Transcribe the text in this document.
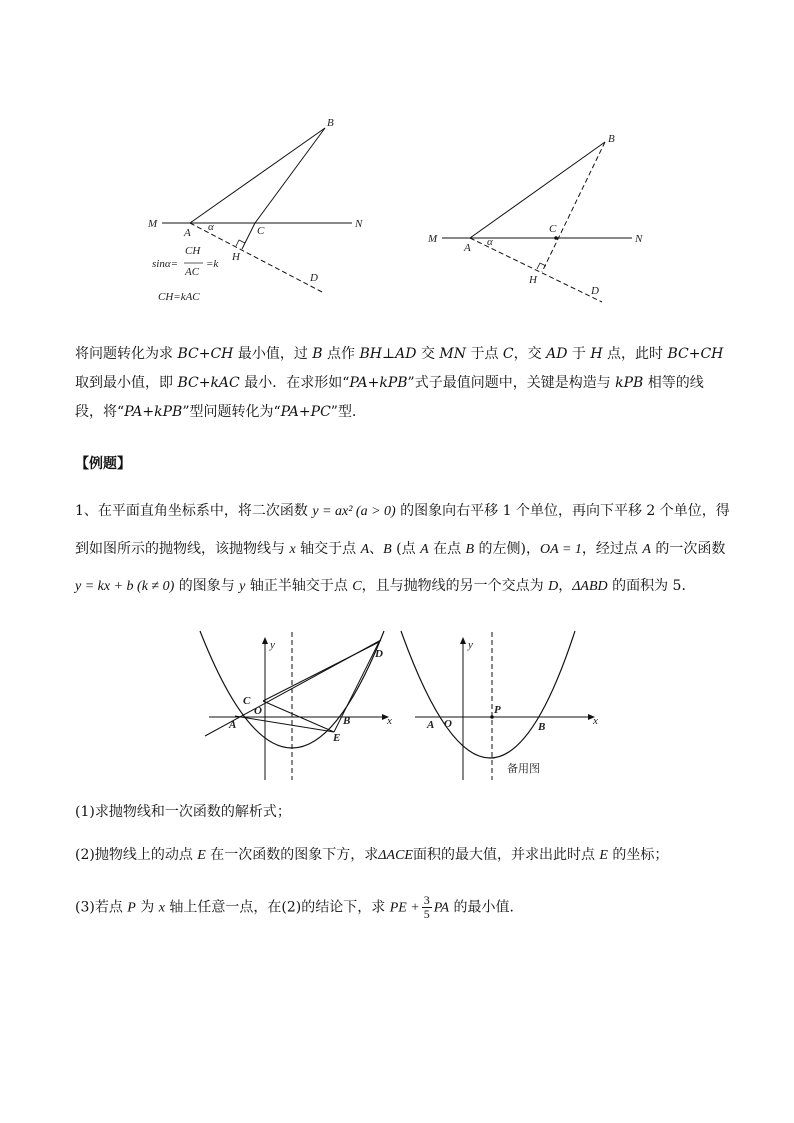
B
M	N
A α	C
H
D
sinα=
CH
AC
=k
CH=kAC
B
M	N
A α
C
H
D

将问题转化为求 BC+CH 最小值，过 B 点作 BH⊥AD 交 MN 于点 C，交 AD 于 H 点，此时 BC+CH 取到最小值，即 BC+kAC 最小．在求形如“PA+kPB”式子最值问题中，关键是构造与 kPB 相等的线段，将“PA+kPB”型问题转化为“PA+PC”型．

【例题】

1、在平面直角坐标系中，将二次函数 y = ax² (a > 0) 的图象向右平移 1 个单位，再向下平移 2 个单位，得

到如图所示的抛物线，该抛物线与 x 轴交于点 A、B (点 A 在点 B 的左侧)，OA = 1，经过点 A 的一次函数

y = kx + b (k ≠ 0) 的图象与 y 轴正半轴交于点 C，且与抛物线的另一个交点为 D，ΔABD 的面积为 5．

y
D
C
O
A	B
E
x
y
P
A O	B	x
备用图

(1)求抛物线和一次函数的解析式；

(2)抛物线上的动点 E 在一次函数的图象下方，求ΔACE面积的最大值，并求出此时点 E 的坐标；

(3)若点 P 为 x 轴上任意一点，在(2)的结论下，求 PE + $\frac{3}{5}$ PA 的最小值．
